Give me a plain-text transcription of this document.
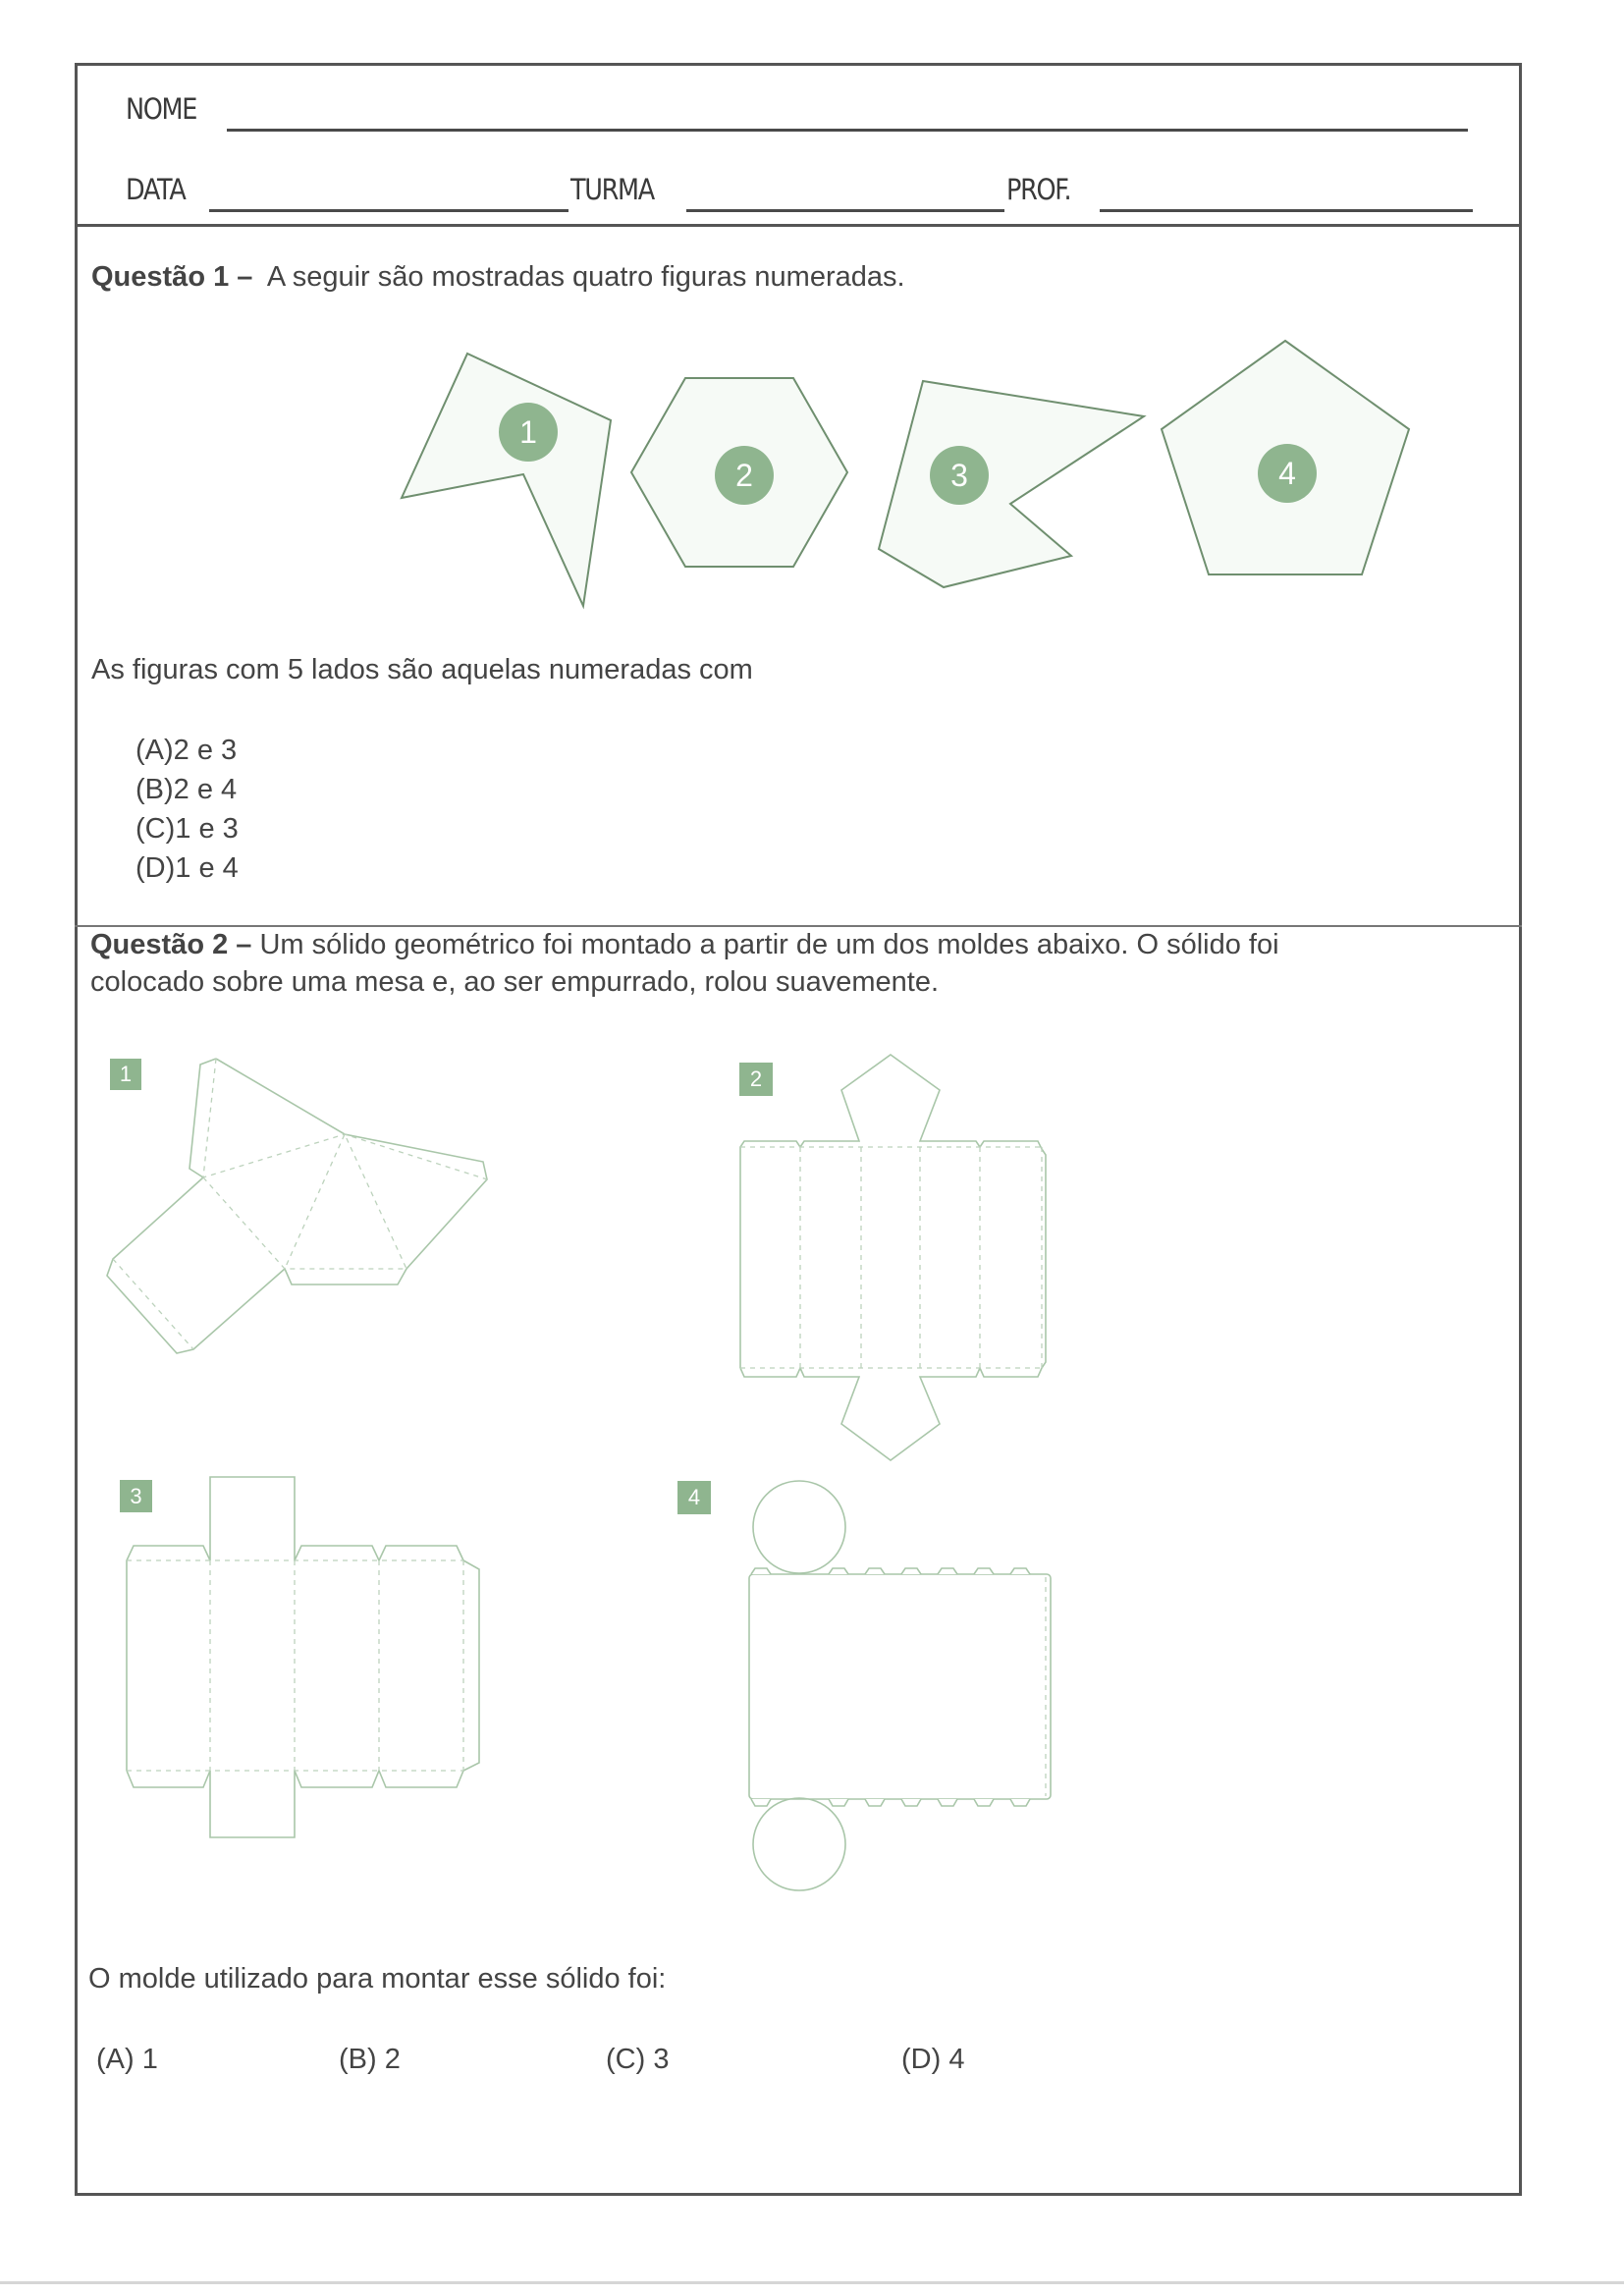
NOME
DATA	TURMA	PROF.
Questão 1 – A seguir são mostradas quatro figuras numeradas.
1
2	3	4
As figuras com 5 lados são aquelas numeradas com
(A)2 e 3
(B)2 e 4
(C)1 e 3
(D)1 e 4
Questão 2 – Um sólido geométrico foi montado a partir de um dos moldes abaixo. O sólido foi
colocado sobre uma mesa e, ao ser empurrado, rolou suavemente.
1	2
3	4
O molde utilizado para montar esse sólido foi:
(A) 1	(B) 2	(C) 3	(D) 4
